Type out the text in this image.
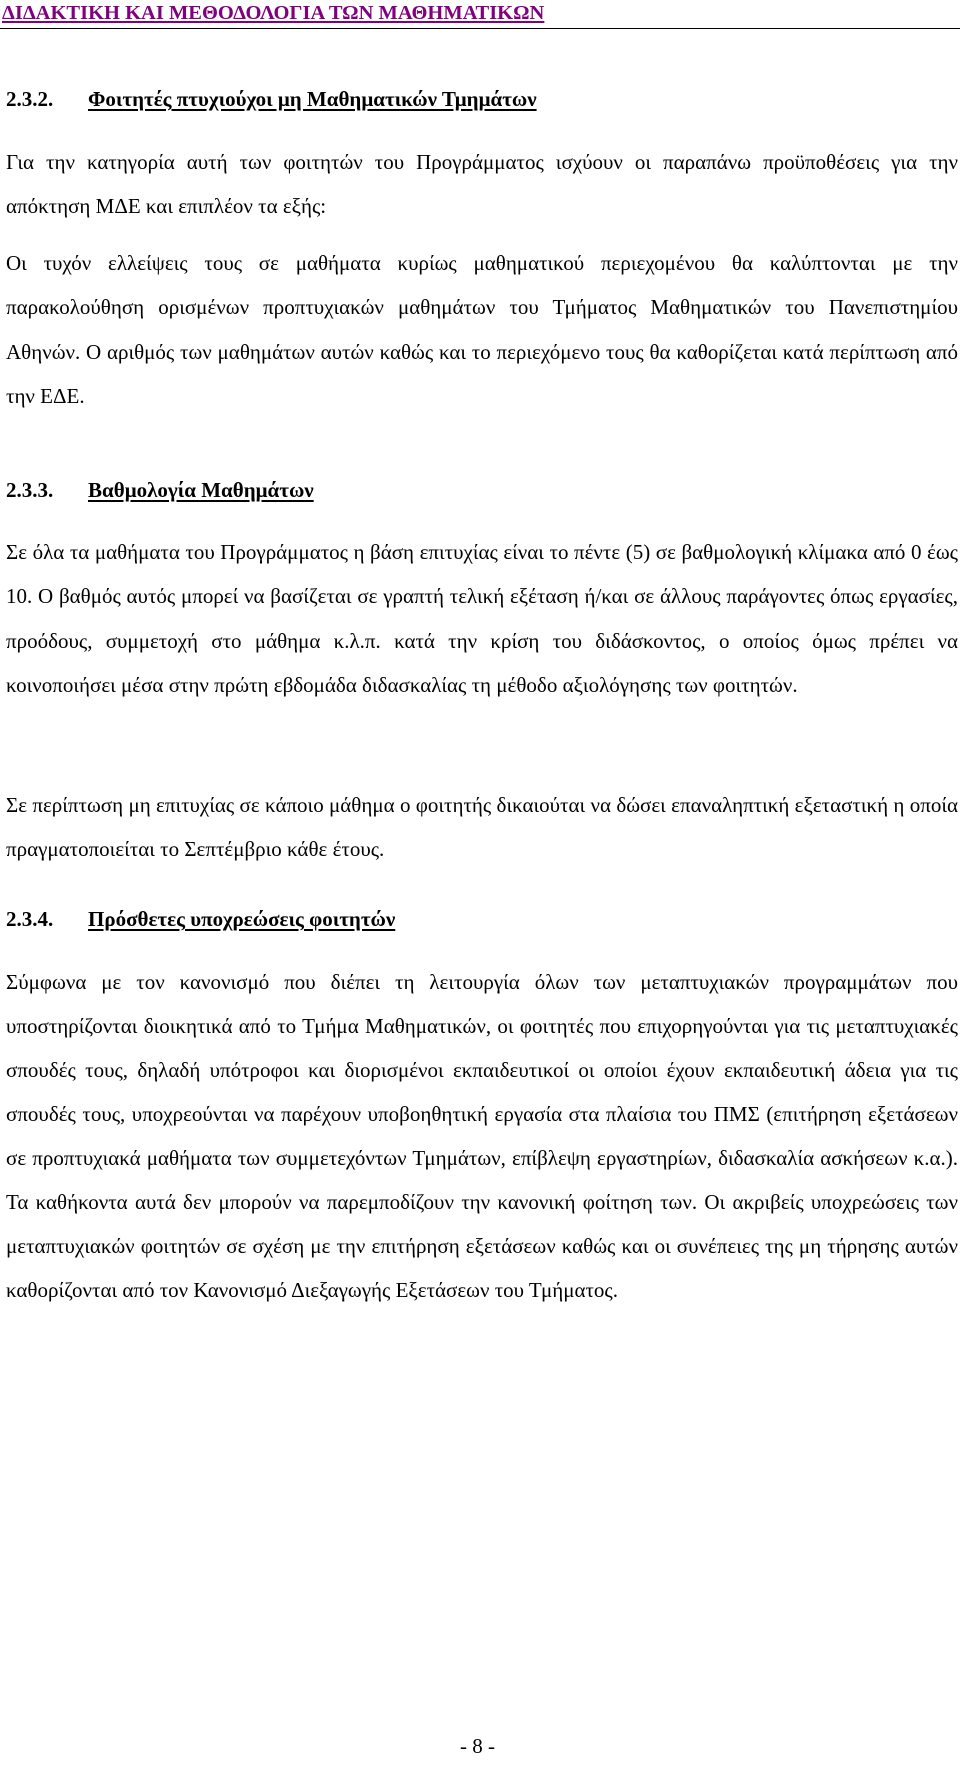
ΔΙΔΑΚΤΙΚΗ ΚΑΙ ΜΕΘΟΔΟΛΟΓΙΑ ΤΩΝ ΜΑΘΗΜΑΤΙΚΩΝ
2.3.2. Φοιτητές πτυχιούχοι μη Μαθηματικών Τμημάτων

Για την κατηγορία αυτή των φοιτητών του Προγράμματος ισχύουν οι παραπάνω προϋποθέσεις για την απόκτηση ΜΔΕ και επιπλέον τα εξής:

Οι τυχόν ελλείψεις τους σε μαθήματα κυρίως μαθηματικού περιεχομένου θα καλύπτονται με την παρακολούθηση ορισμένων προπτυχιακών μαθημάτων του Τμήματος Μαθηματικών του Πανεπιστημίου Αθηνών. Ο αριθμός των μαθημάτων αυτών καθώς και το περιεχόμενο τους θα καθορίζεται κατά περίπτωση από την ΕΔΕ.

2.3.3. Βαθμολογία Μαθημάτων

Σε όλα τα μαθήματα του Προγράμματος η βάση επιτυχίας είναι το πέντε (5) σε βαθμολογική κλίμακα από 0 έως 10. Ο βαθμός αυτός μπορεί να βασίζεται σε γραπτή τελική εξέταση ή/και σε άλλους παράγοντες όπως εργασίες, προόδους, συμμετοχή στο μάθημα κ.λ.π. κατά την κρίση του διδάσκοντος, ο οποίος όμως πρέπει να κοινοποιήσει μέσα στην πρώτη εβδομάδα διδασκαλίας τη μέθοδο αξιολόγησης των φοιτητών.

Σε περίπτωση μη επιτυχίας σε κάποιο μάθημα ο φοιτητής δικαιούται να δώσει επαναληπτική εξεταστική η οποία πραγματοποιείται το Σεπτέμβριο κάθε έτους.

2.3.4. Πρόσθετες υποχρεώσεις φοιτητών

Σύμφωνα με τον κανονισμό που διέπει τη λειτουργία όλων των μεταπτυχιακών προγραμμάτων που υποστηρίζονται διοικητικά από το Τμήμα Μαθηματικών, οι φοιτητές που επιχορηγούνται για τις μεταπτυχιακές σπουδές τους, δηλαδή υπότροφοι και διορισμένοι εκπαιδευτικοί οι οποίοι έχουν εκπαιδευτική άδεια για τις σπουδές τους, υποχρεούνται να παρέχουν υποβοηθητική εργασία στα πλαίσια του ΠΜΣ (επιτήρηση εξετάσεων σε προπτυχιακά μαθήματα των συμμετεχόντων Τμημάτων, επίβλεψη εργαστηρίων, διδασκαλία ασκήσεων κ.α.). Τα καθήκοντα αυτά δεν μπορούν να παρεμποδίζουν την κανονική φοίτηση των. Οι ακριβείς υποχρεώσεις των μεταπτυχιακών φοιτητών σε σχέση με την επιτήρηση εξετάσεων καθώς και οι συνέπειες της μη τήρησης αυτών καθορίζονται από τον Κανονισμό Διεξαγωγής Εξετάσεων του Τμήματος.

- 8 -
